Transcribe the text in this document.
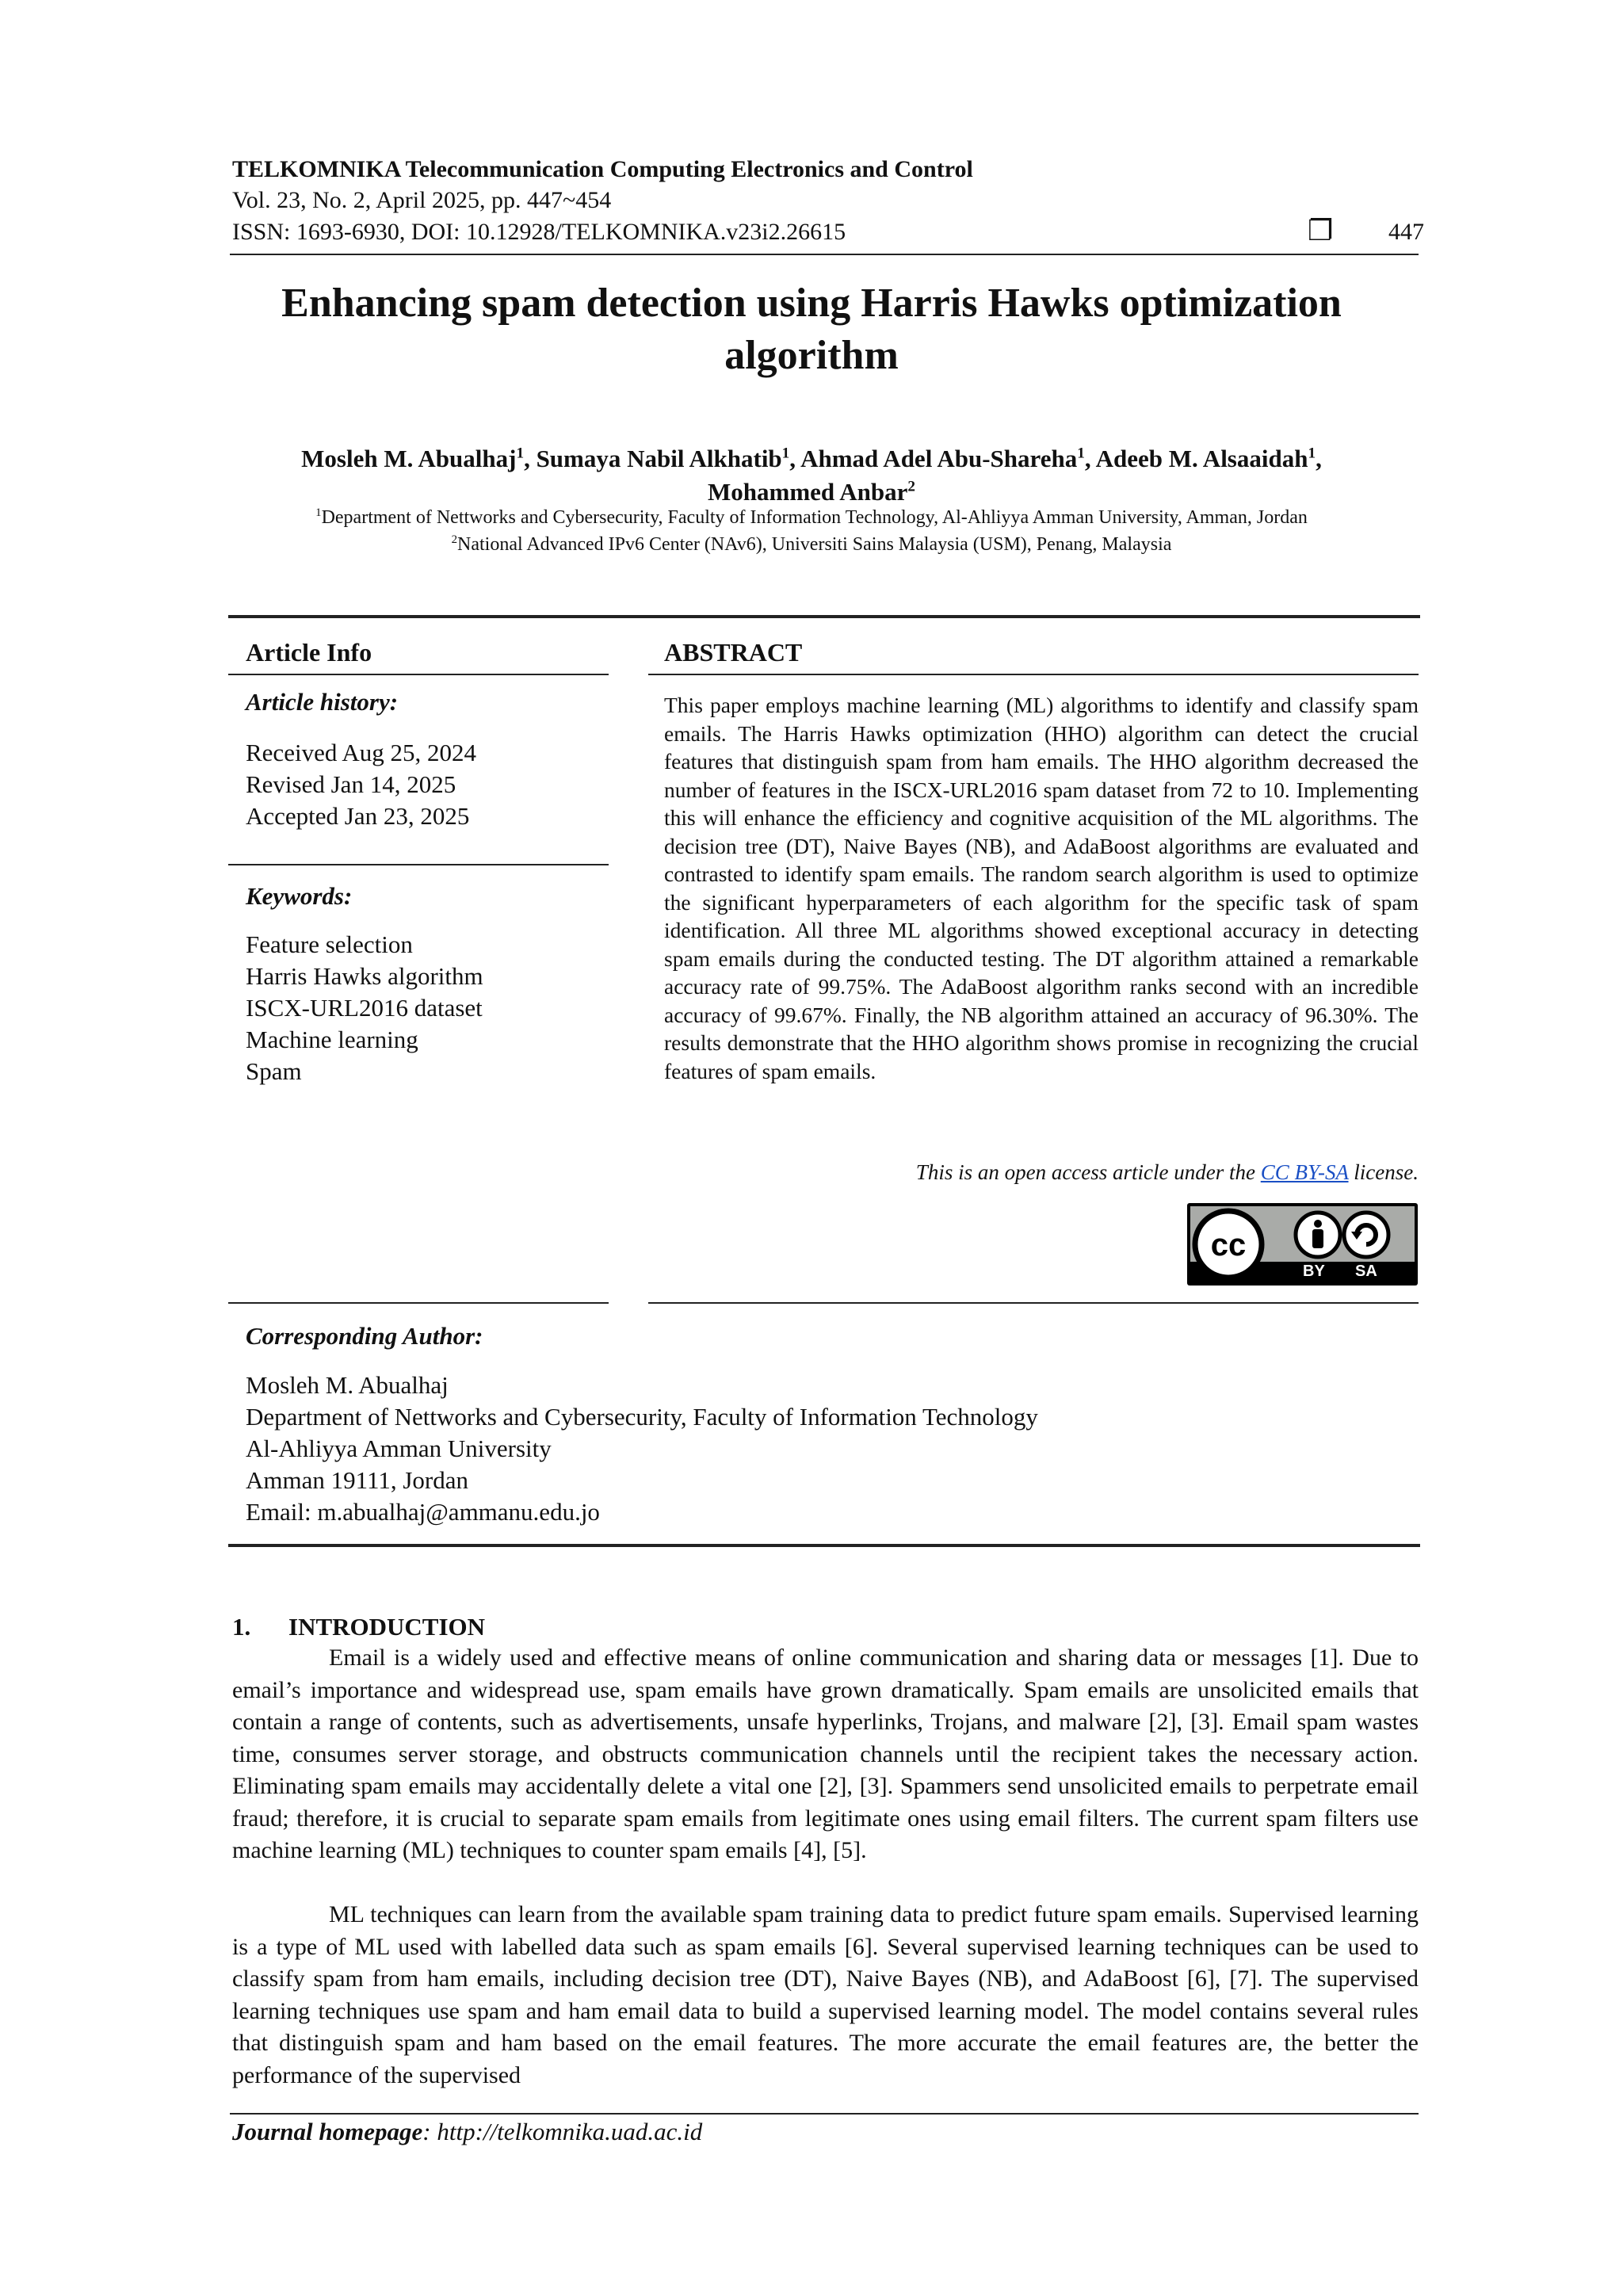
TELKOMNIKA Telecommunication Computing Electronics and Control
Vol. 23, No. 2, April 2025, pp. 447~454
ISSN: 1693-6930, DOI: 10.12928/TELKOMNIKA.v23i2.26615	❐ 447
Enhancing spam detection using Harris Hawks optimization
algorithm
Mosleh M. Abualhaj$^1$, Sumaya Nabil Alkhatib$^1$, Ahmad Adel Abu-Shareha$^1$, Adeeb M. Alsaaidah$^1$,
Mohammed Anbar$^2$
$^1$Department of Nettworks and Cybersecurity, Faculty of Information Technology, Al-Ahliyya Amman University, Amman, Jordan
$^2$National Advanced IPv6 Center (NAv6), Universiti Sains Malaysia (USM), Penang, Malaysia
Article Info
Article history:
Received Aug 25, 2024
Revised Jan 14, 2025
Accepted Jan 23, 2025
Keywords:
Feature selection
Harris Hawks algorithm
ISCX-URL2016 dataset
Machine learning
Spam
ABSTRACT
This paper employs machine learning (ML) algorithms to identify and classify spam emails. The Harris Hawks optimization (HHO) algorithm can detect the crucial features that distinguish spam from ham emails. The HHO algorithm decreased the number of features in the ISCX-URL2016 spam dataset from 72 to 10. Implementing this will enhance the efficiency and cognitive acquisition of the ML algorithms. The decision tree (DT), Naive Bayes (NB), and AdaBoost algorithms are evaluated and contrasted to identify spam emails. The random search algorithm is used to optimize the significant hyperparameters of each algorithm for the specific task of spam identification. All three ML algorithms showed exceptional accuracy in detecting spam emails during the conducted testing. The DT algorithm attained a remarkable accuracy rate of 99.75%. The AdaBoost algorithm ranks second with an incredible accuracy of 99.67%. Finally, the NB algorithm attained an accuracy of 96.30%. The results demonstrate that the HHO algorithm shows promise in recognizing the crucial features of spam emails.
This is an open access article under the CC BY-SA license.
cc
BY SA
Corresponding Author:
Mosleh M. Abualhaj
Department of Nettworks and Cybersecurity, Faculty of Information Technology
Al-Ahliyya Amman University
Amman 19111, Jordan
Email: m.abualhaj@ammanu.edu.jo
1. INTRODUCTION
Email is a widely used and effective means of online communication and sharing data or messages [1]. Due to email’s importance and widespread use, spam emails have grown dramatically. Spam emails are unsolicited emails that contain a range of contents, such as advertisements, unsafe hyperlinks, Trojans, and malware [2], [3]. Email spam wastes time, consumes server storage, and obstructs communication channels until the recipient takes the necessary action. Eliminating spam emails may accidentally delete a vital one [2], [3]. Spammers send unsolicited emails to perpetrate email fraud; therefore, it is crucial to separate spam emails from legitimate ones using email filters. The current spam filters use machine learning (ML) techniques to counter spam emails [4], [5].
ML techniques can learn from the available spam training data to predict future spam emails. Supervised learning is a type of ML used with labelled data such as spam emails [6]. Several supervised learning techniques can be used to classify spam from ham emails, including decision tree (DT), Naive Bayes (NB), and AdaBoost [6], [7]. The supervised learning techniques use spam and ham email data to build a supervised learning model. The model contains several rules that distinguish spam and ham based on the email features. The more accurate the email features are, the better the performance of the supervised
Journal homepage: http://telkomnika.uad.ac.id
